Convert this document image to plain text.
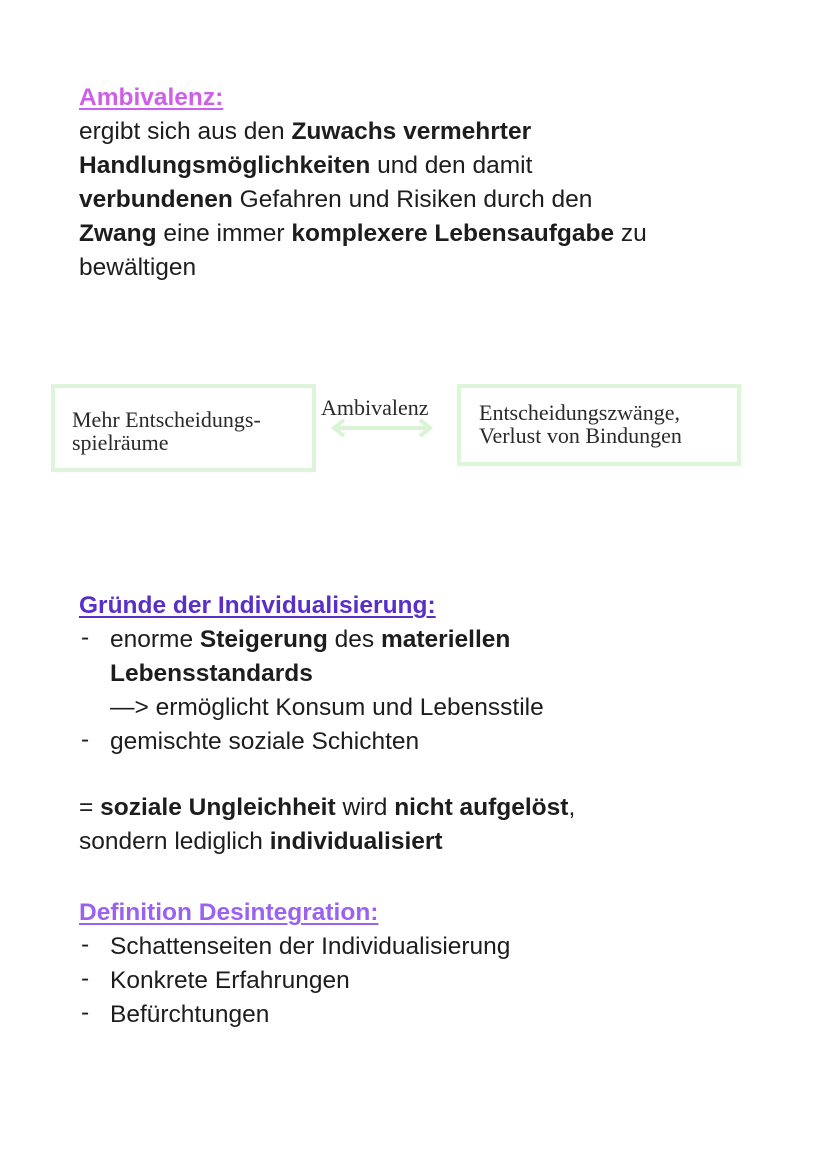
Ambivalenz:
ergibt sich aus den Zuwachs vermehrter
Handlungsmöglichkeiten und den damit
verbundenen Gefahren und Risiken durch den
Zwang eine immer komplexere Lebensaufgabe zu
bewältigen
Mehr Entscheidungs-
spielräume
Ambivalenz Entscheidungszwänge,
Verlust von Bindungen
Gründe der Individualisierung:
- enorme Steigerung des materiellen
Lebensstandards
—> ermöglicht Konsum und Lebensstile
- gemischte soziale Schichten
= soziale Ungleichheit wird nicht aufgelöst,
sondern lediglich individualisiert
Definition Desintegration:
- Schattenseiten der Individualisierung
- Konkrete Erfahrungen
- Befürchtungen
